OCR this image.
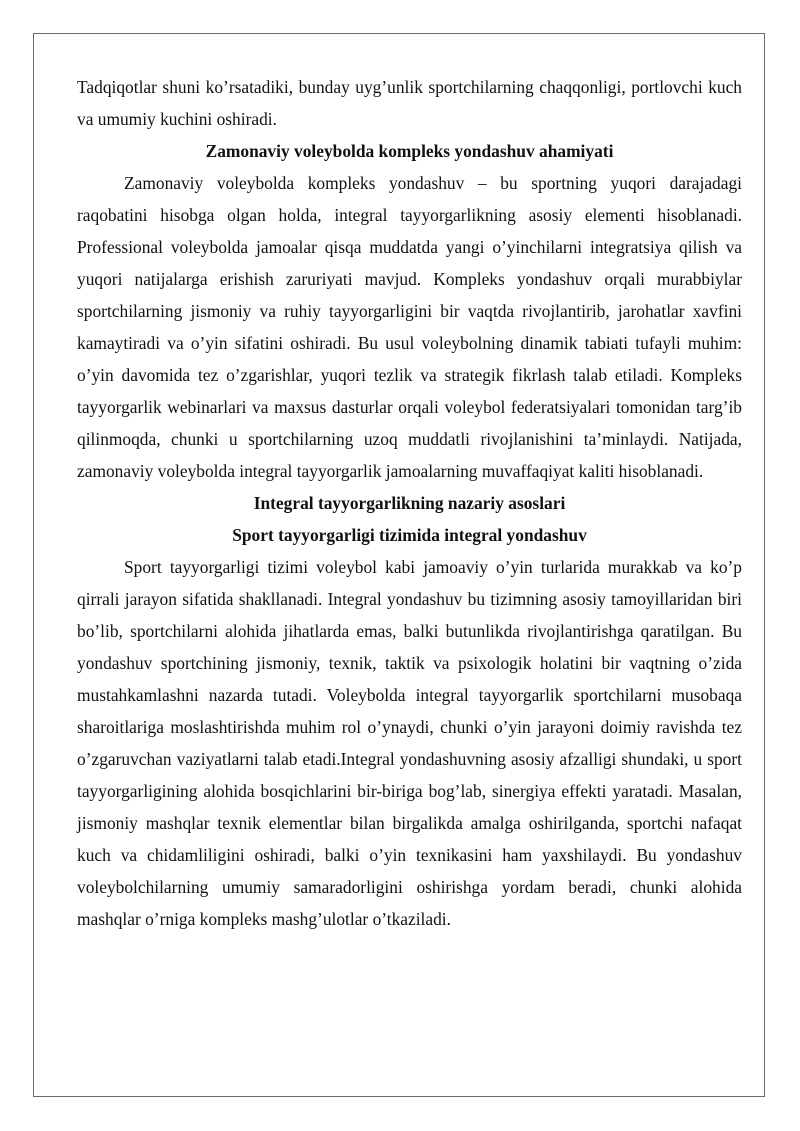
Tadqiqotlar shuni ko’rsatadiki, bunday uyg’unlik sportchilarning chaqqonligi, portlovchi kuch va umumiy kuchini oshiradi.

Zamonaviy voleybolda kompleks yondashuv ahamiyati

Zamonaviy voleybolda kompleks yondashuv – bu sportning yuqori darajadagi raqobatini hisobga olgan holda, integral tayyorgarlikning asosiy elementi hisoblanadi. Professional voleybolda jamoalar qisqa muddatda yangi o’yinchilarni integratsiya qilish va yuqori natijalarga erishish zaruriyati mavjud. Kompleks yondashuv orqali murabbiylar sportchilarning jismoniy va ruhiy tayyorgarligini bir vaqtda rivojlantirib, jarohatlar xavfini kamaytiradi va o’yin sifatini oshiradi. Bu usul voleybolning dinamik tabiati tufayli muhim: o’yin davomida tez o’zgarishlar, yuqori tezlik va strategik fikrlash talab etiladi. Kompleks tayyorgarlik webinarlari va maxsus dasturlar orqali voleybol federatsiyalari tomonidan targ’ib qilinmoqda, chunki u sportchilarning uzoq muddatli rivojlanishini ta’minlaydi. Natijada, zamonaviy voleybolda integral tayyorgarlik jamoalarning muvaffaqiyat kaliti hisoblanadi.

Integral tayyorgarlikning nazariy asoslari
Sport tayyorgarligi tizimida integral yondashuv

Sport tayyorgarligi tizimi voleybol kabi jamoaviy o’yin turlarida murakkab va ko’p qirrali jarayon sifatida shakllanadi. Integral yondashuv bu tizimning asosiy tamoyillaridan biri bo’lib, sportchilarni alohida jihatlarda emas, balki butunlikda rivojlantirishga qaratilgan. Bu yondashuv sportchining jismoniy, texnik, taktik va psixologik holatini bir vaqtning o’zida mustahkamlashni nazarda tutadi. Voleybolda integral tayyorgarlik sportchilarni musobaqa sharoitlariga moslashtirishda muhim rol o’ynaydi, chunki o’yin jarayoni doimiy ravishda tez o’zgaruvchan vaziyatlarni talab etadi.Integral yondashuvning asosiy afzalligi shundaki, u sport tayyorgarligining alohida bosqichlarini bir-biriga bog’lab, sinergiya effekti yaratadi. Masalan, jismoniy mashqlar texnik elementlar bilan birgalikda amalga oshirilganda, sportchi nafaqat kuch va chidamliligini oshiradi, balki o’yin texnikasini ham yaxshilaydi. Bu yondashuv voleybolchilarning umumiy samaradorligini oshirishga yordam beradi, chunki alohida mashqlar o’rniga kompleks mashg’ulotlar o’tkaziladi.
